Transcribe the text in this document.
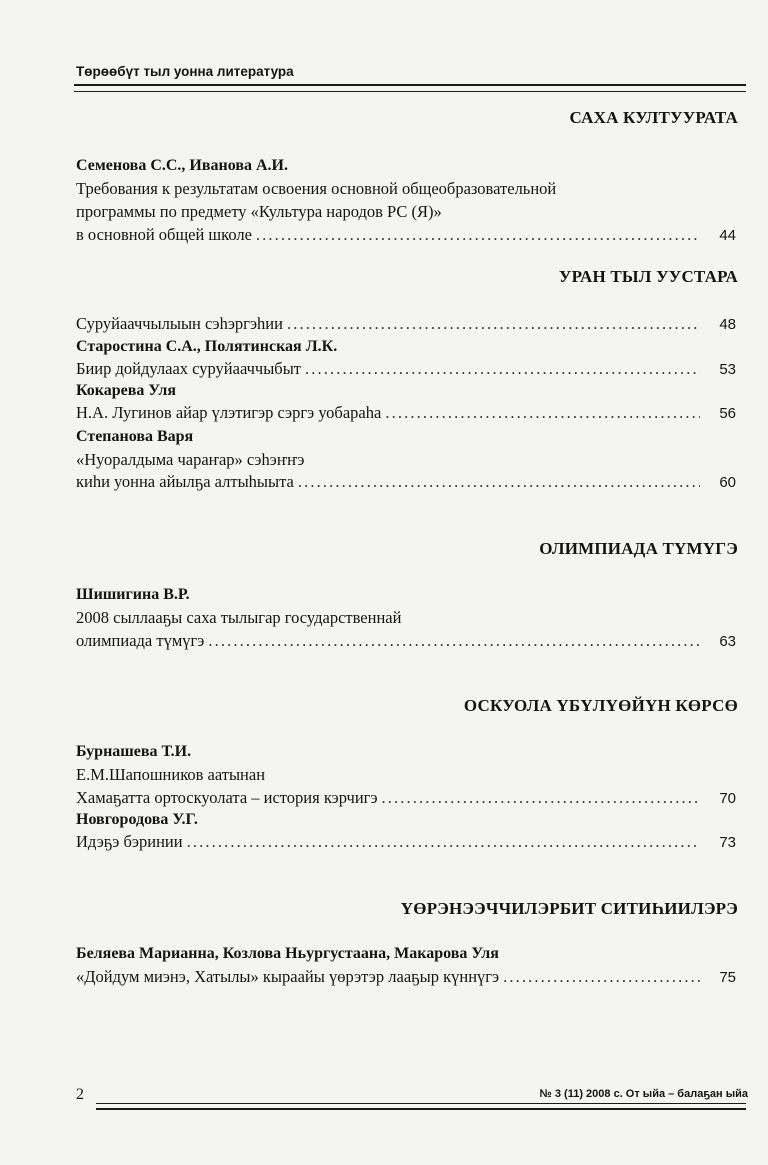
Төрөөбүт тыл уонна литература
САХА КУЛТУУРАТА
Семенова С.С., Иванова А.И.
Требования к результатам освоения основной общеобразовательной
программы по предмету «Культура народов РС (Я)»
в основной общей школе . . .	44
УРАН ТЫЛ УУСТАРА
Суруйааччылыын сэһэргэһии . . .	48
Старостина С.А., Полятинская Л.К.
Биир дойдулаах суруйааччыбыт . . .	53
Кокарева Уля
Н.А. Лугинов айар үлэтигэр сэргэ уобараһа . . .	56
Степанова Варя
«Нуоралдыма чараҥар» сэһэҥҥэ
киһи уонна айылҕа алтыһыыта . . .	60
ОЛИМПИАДА ТҮМҮГЭ
Шишигина В.Р.
2008 сыллааҕы саха тылыгар государственнай
олимпиада түмүгэ . . .	63
ОСКУОЛА ҮБҮЛҮӨЙҮН КӨРСӨ
Бурнашева Т.И.
Е.М.Шапошников аатынан
Хамаҕатта ортоскуолата – история кэрчигэ . . .	70
Новгородова У.Г.
Идэҕэ бэринии . . .	73
ҮӨРЭНЭЭЧЧИЛЭРБИТ СИТИҺИИЛЭРЭ
Беляева Марианна, Козлова Ньургустаана, Макарова Уля
«Дойдум миэнэ, Хатылы» кыраайы үөрэтэр лааҕыр күннүгэ . . .	75
2	№ 3 (11) 2008 с. От ыйа – балаҕан ыйа
